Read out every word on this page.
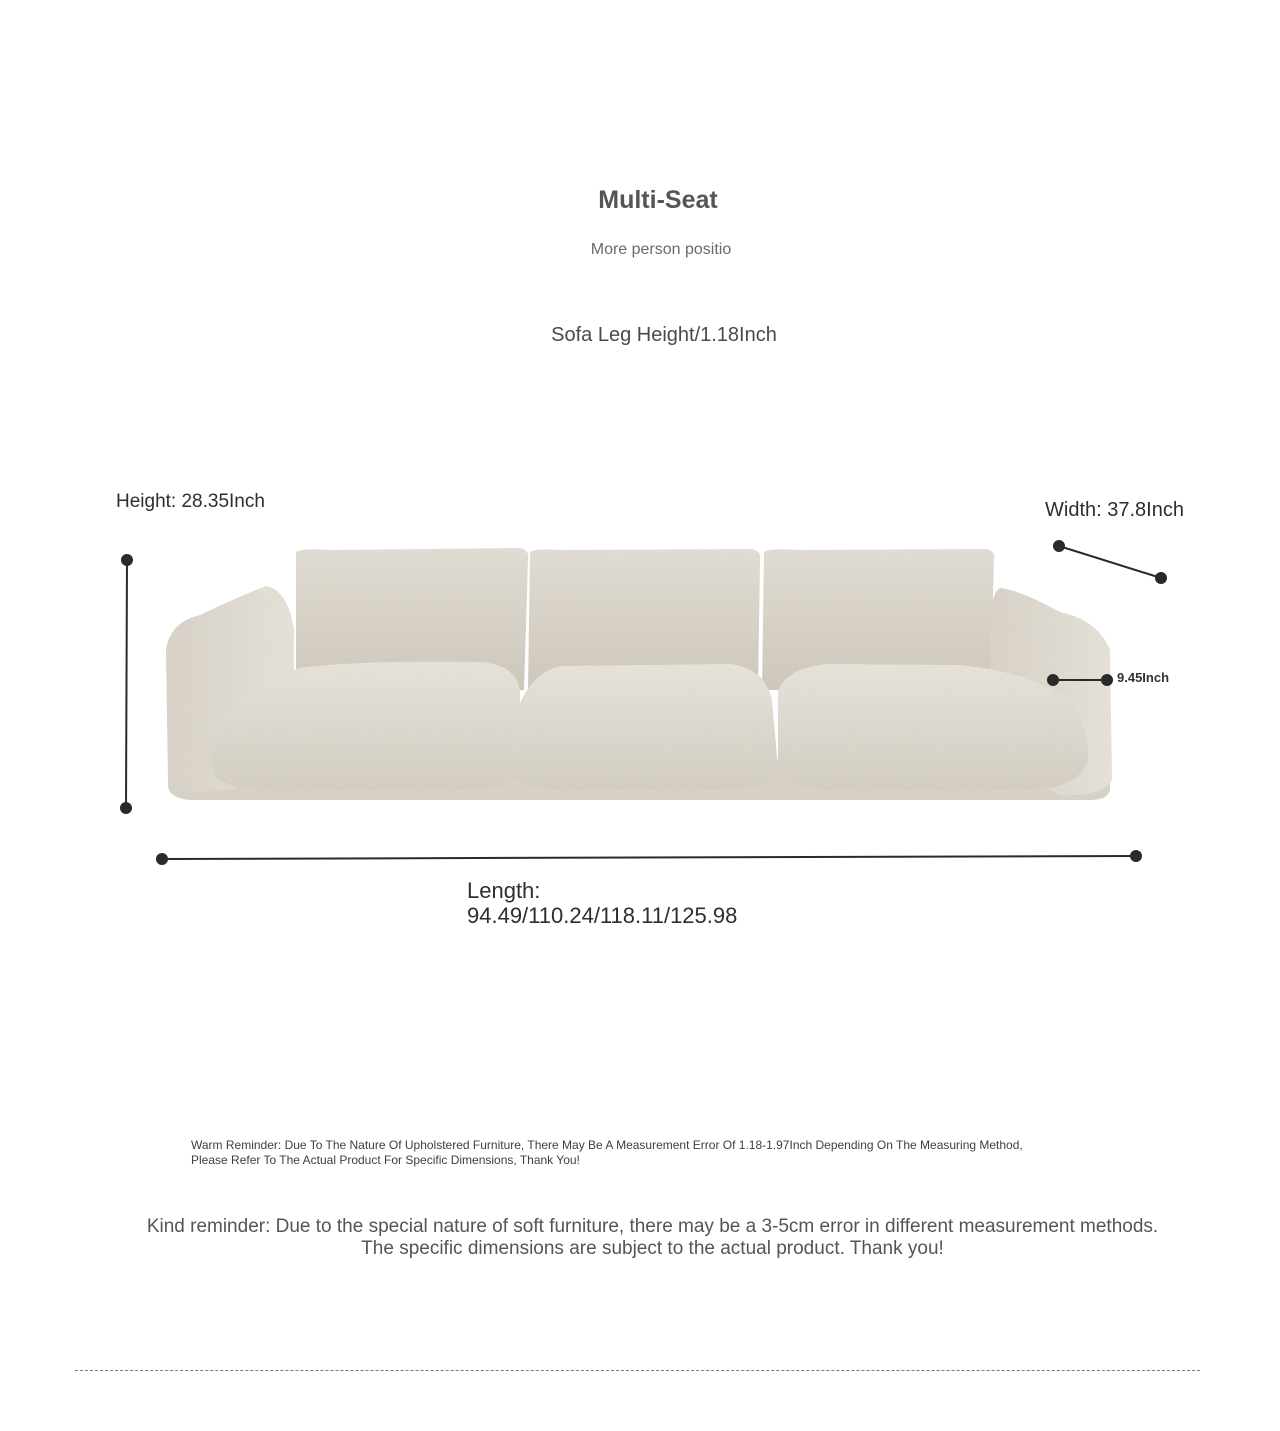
Multi-Seat
More person positio
Sofa Leg Height/1.18Inch
Height: 28.35Inch	Width: 37.8Inch
9.45Inch
Length:
94.49/110.24/118.11/125.98
Warm Reminder: Due To The Nature Of Upholstered Furniture, There May Be A Measurement Error Of 1.18-1.97Inch Depending On The Measuring Method,
Please Refer To The Actual Product For Specific Dimensions, Thank You!
Kind reminder: Due to the special nature of soft furniture, there may be a 3-5cm error in different measurement methods. The specific dimensions are subject to the actual product. Thank you!
